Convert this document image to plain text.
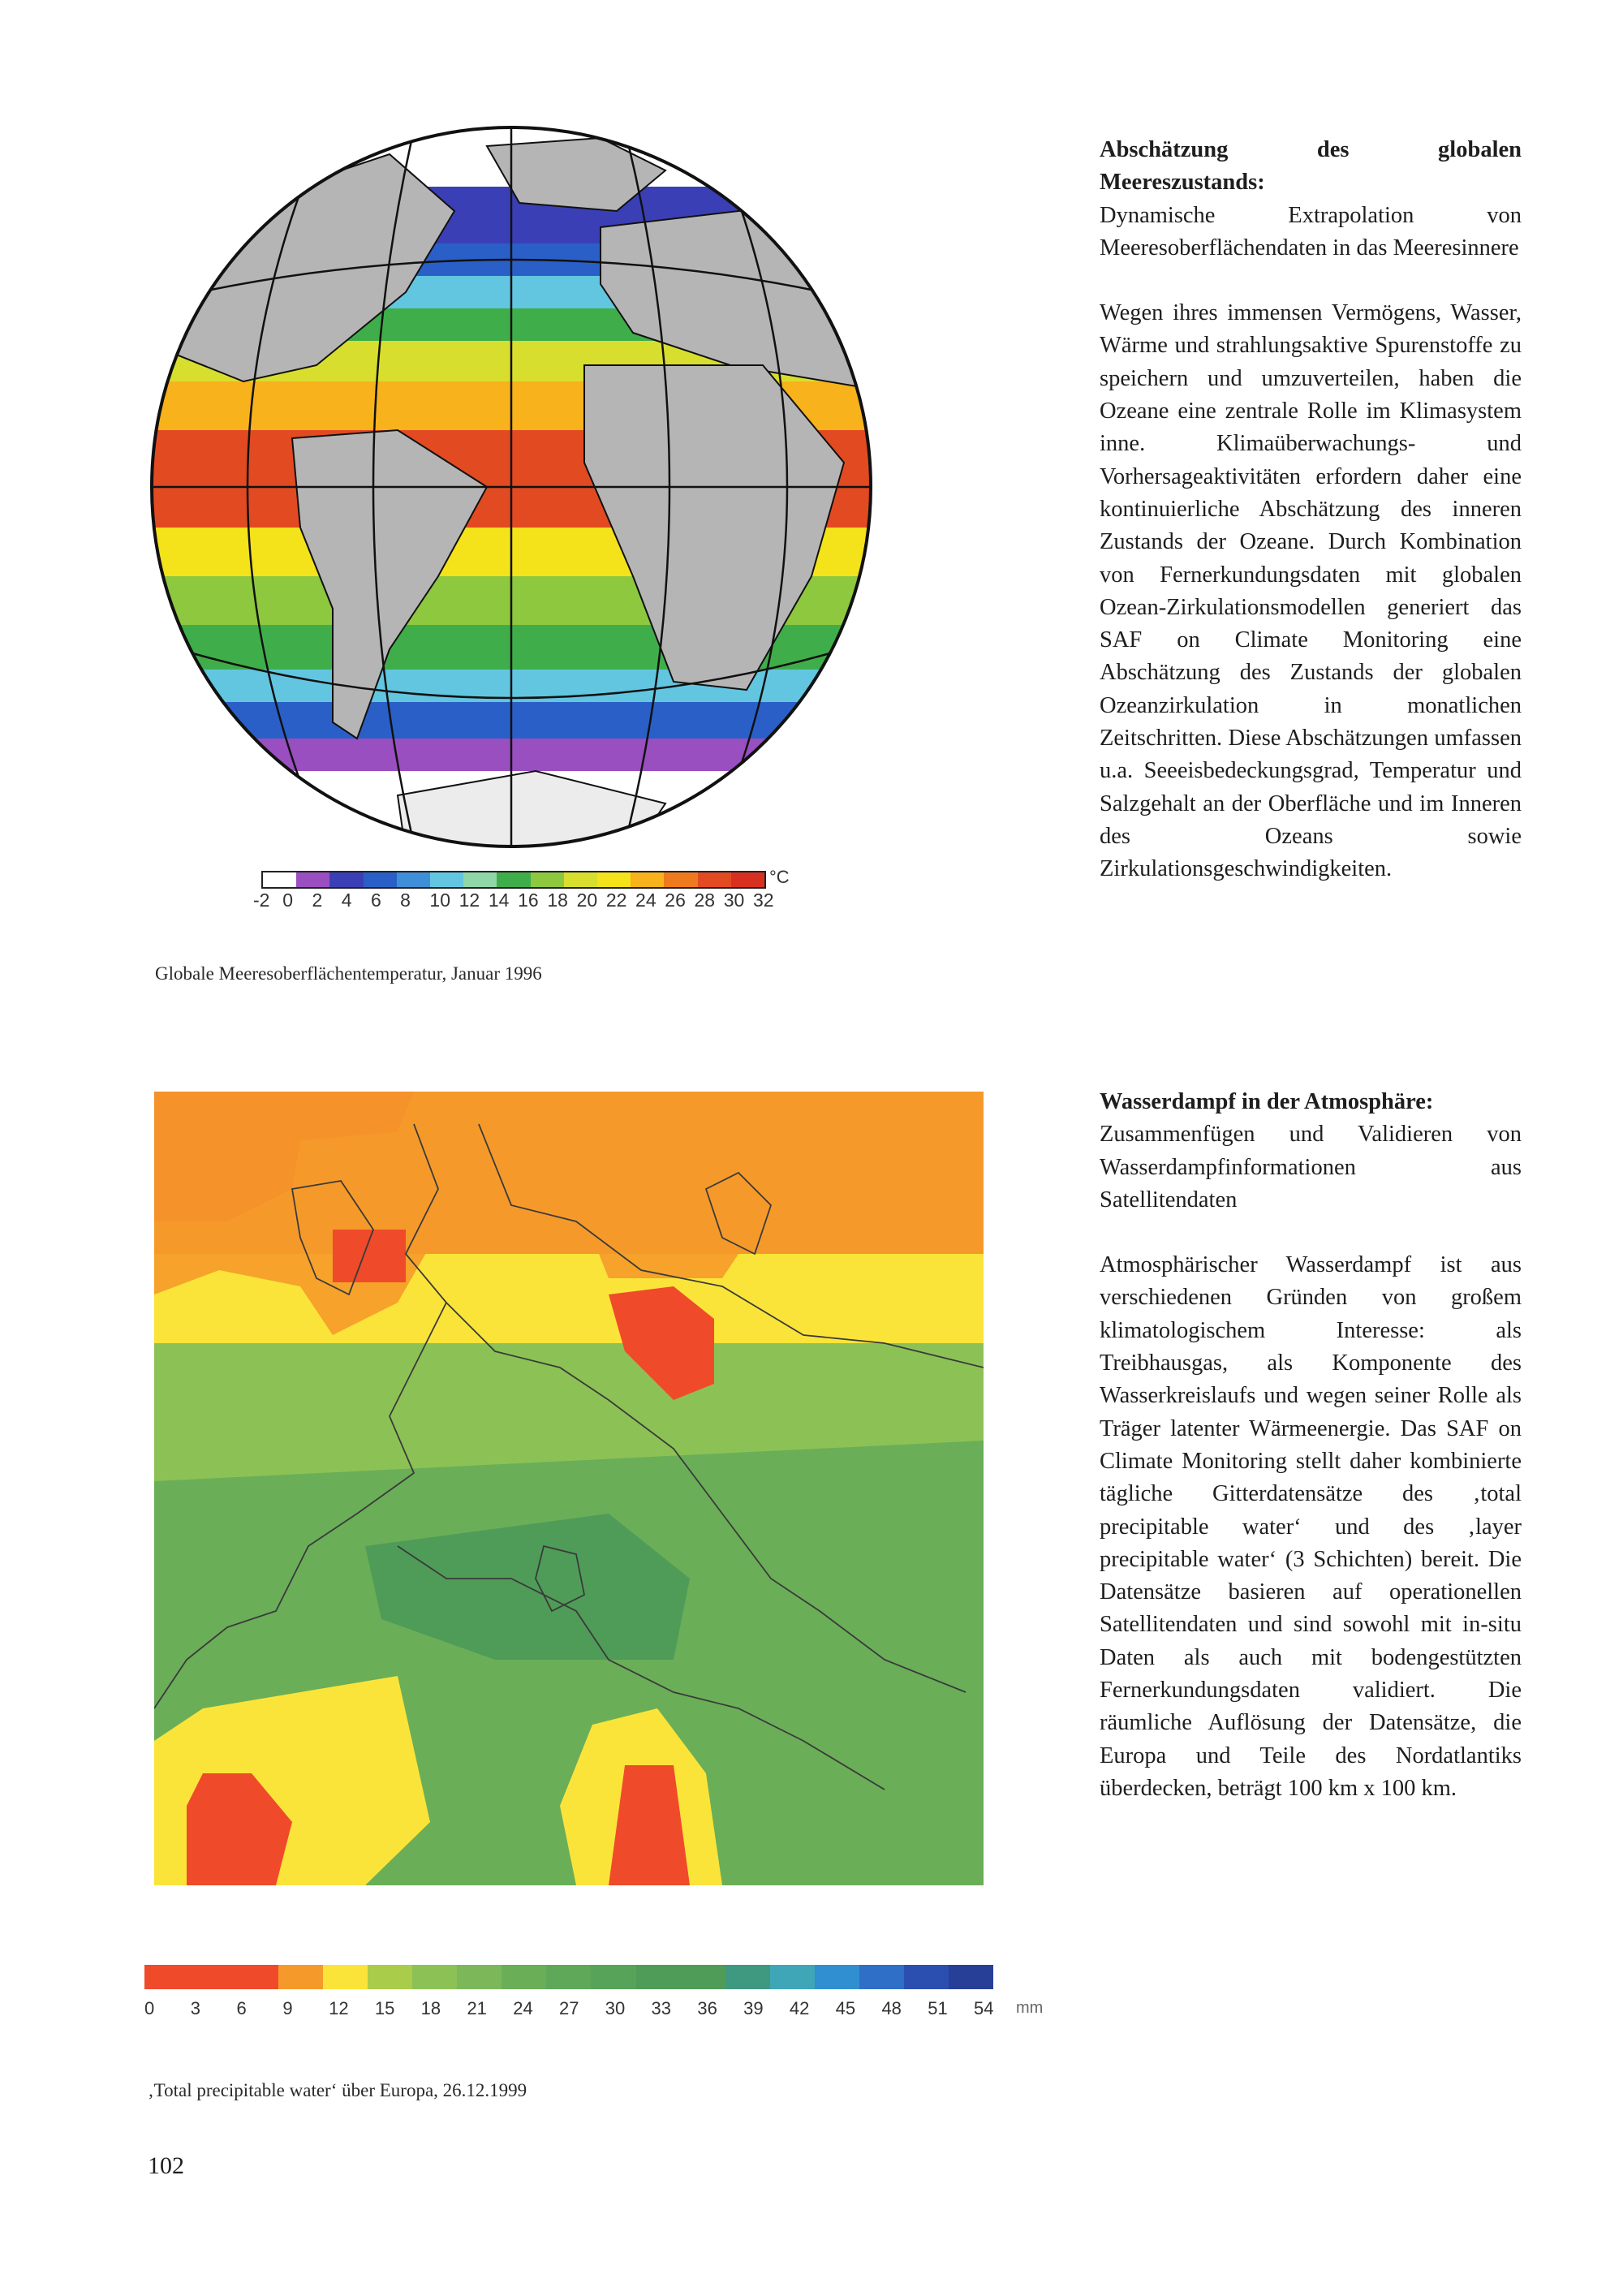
°C
-2 0 2 4 6 8 10 12 14 16 18 20 22 24 26 28 30 32
Globale Meeresoberflächentemperatur, Januar 1996

Abschätzung des globalen Meereszustands:

Dynamische Extrapolation von Meeresoberflächendaten in das Meeresinnere

Wegen ihres immensen Vermögens, Wasser, Wärme und strahlungsaktive Spurenstoffe zu speichern und umzuverteilen, haben die Ozeane eine zentrale Rolle im Klimasystem inne. Klimaüberwachungs- und Vorhersageaktivitäten erfordern daher eine kontinuierliche Abschätzung des inneren Zustands der Ozeane. Durch Kombination von Fernerkundungsdaten mit globalen Ozean-Zirkulationsmodellen generiert das SAF on Climate Monitoring eine Abschätzung des Zustands der globalen Ozeanzirkulation in monatlichen Zeitschritten. Diese Abschätzungen umfassen u.a. Seeeisbedeckungsgrad, Temperatur und Salzgehalt an der Oberfläche und im Inneren des Ozeans sowie Zirkulationsgeschwindigkeiten.

0 3 6 9 12 15 18 21 24 27 30 33 36 39 42 45 48 51 54 mm
‚Total precipitable water‘ über Europa, 26.12.1999

Wasserdampf in der Atmosphäre:

Zusammenfügen und Validieren von Wasserdampfinformationen aus Satellitendaten

Atmosphärischer Wasserdampf ist aus verschiedenen Gründen von großem klimatologischem Interesse: als Treibhausgas, als Komponente des Wasserkreislaufs und wegen seiner Rolle als Träger latenter Wärmeenergie. Das SAF on Climate Monitoring stellt daher kombinierte tägliche Gitterdatensätze des ‚total precipitable water‘ und des ‚layer precipitable water‘ (3 Schichten) bereit. Die Datensätze basieren auf operationellen Satellitendaten und sind sowohl mit in-situ Daten als auch mit bodengestützten Fernerkundungsdaten validiert. Die räumliche Auflösung der Datensätze, die Europa und Teile des Nordatlantiks überdecken, beträgt 100 km x 100 km.

102
